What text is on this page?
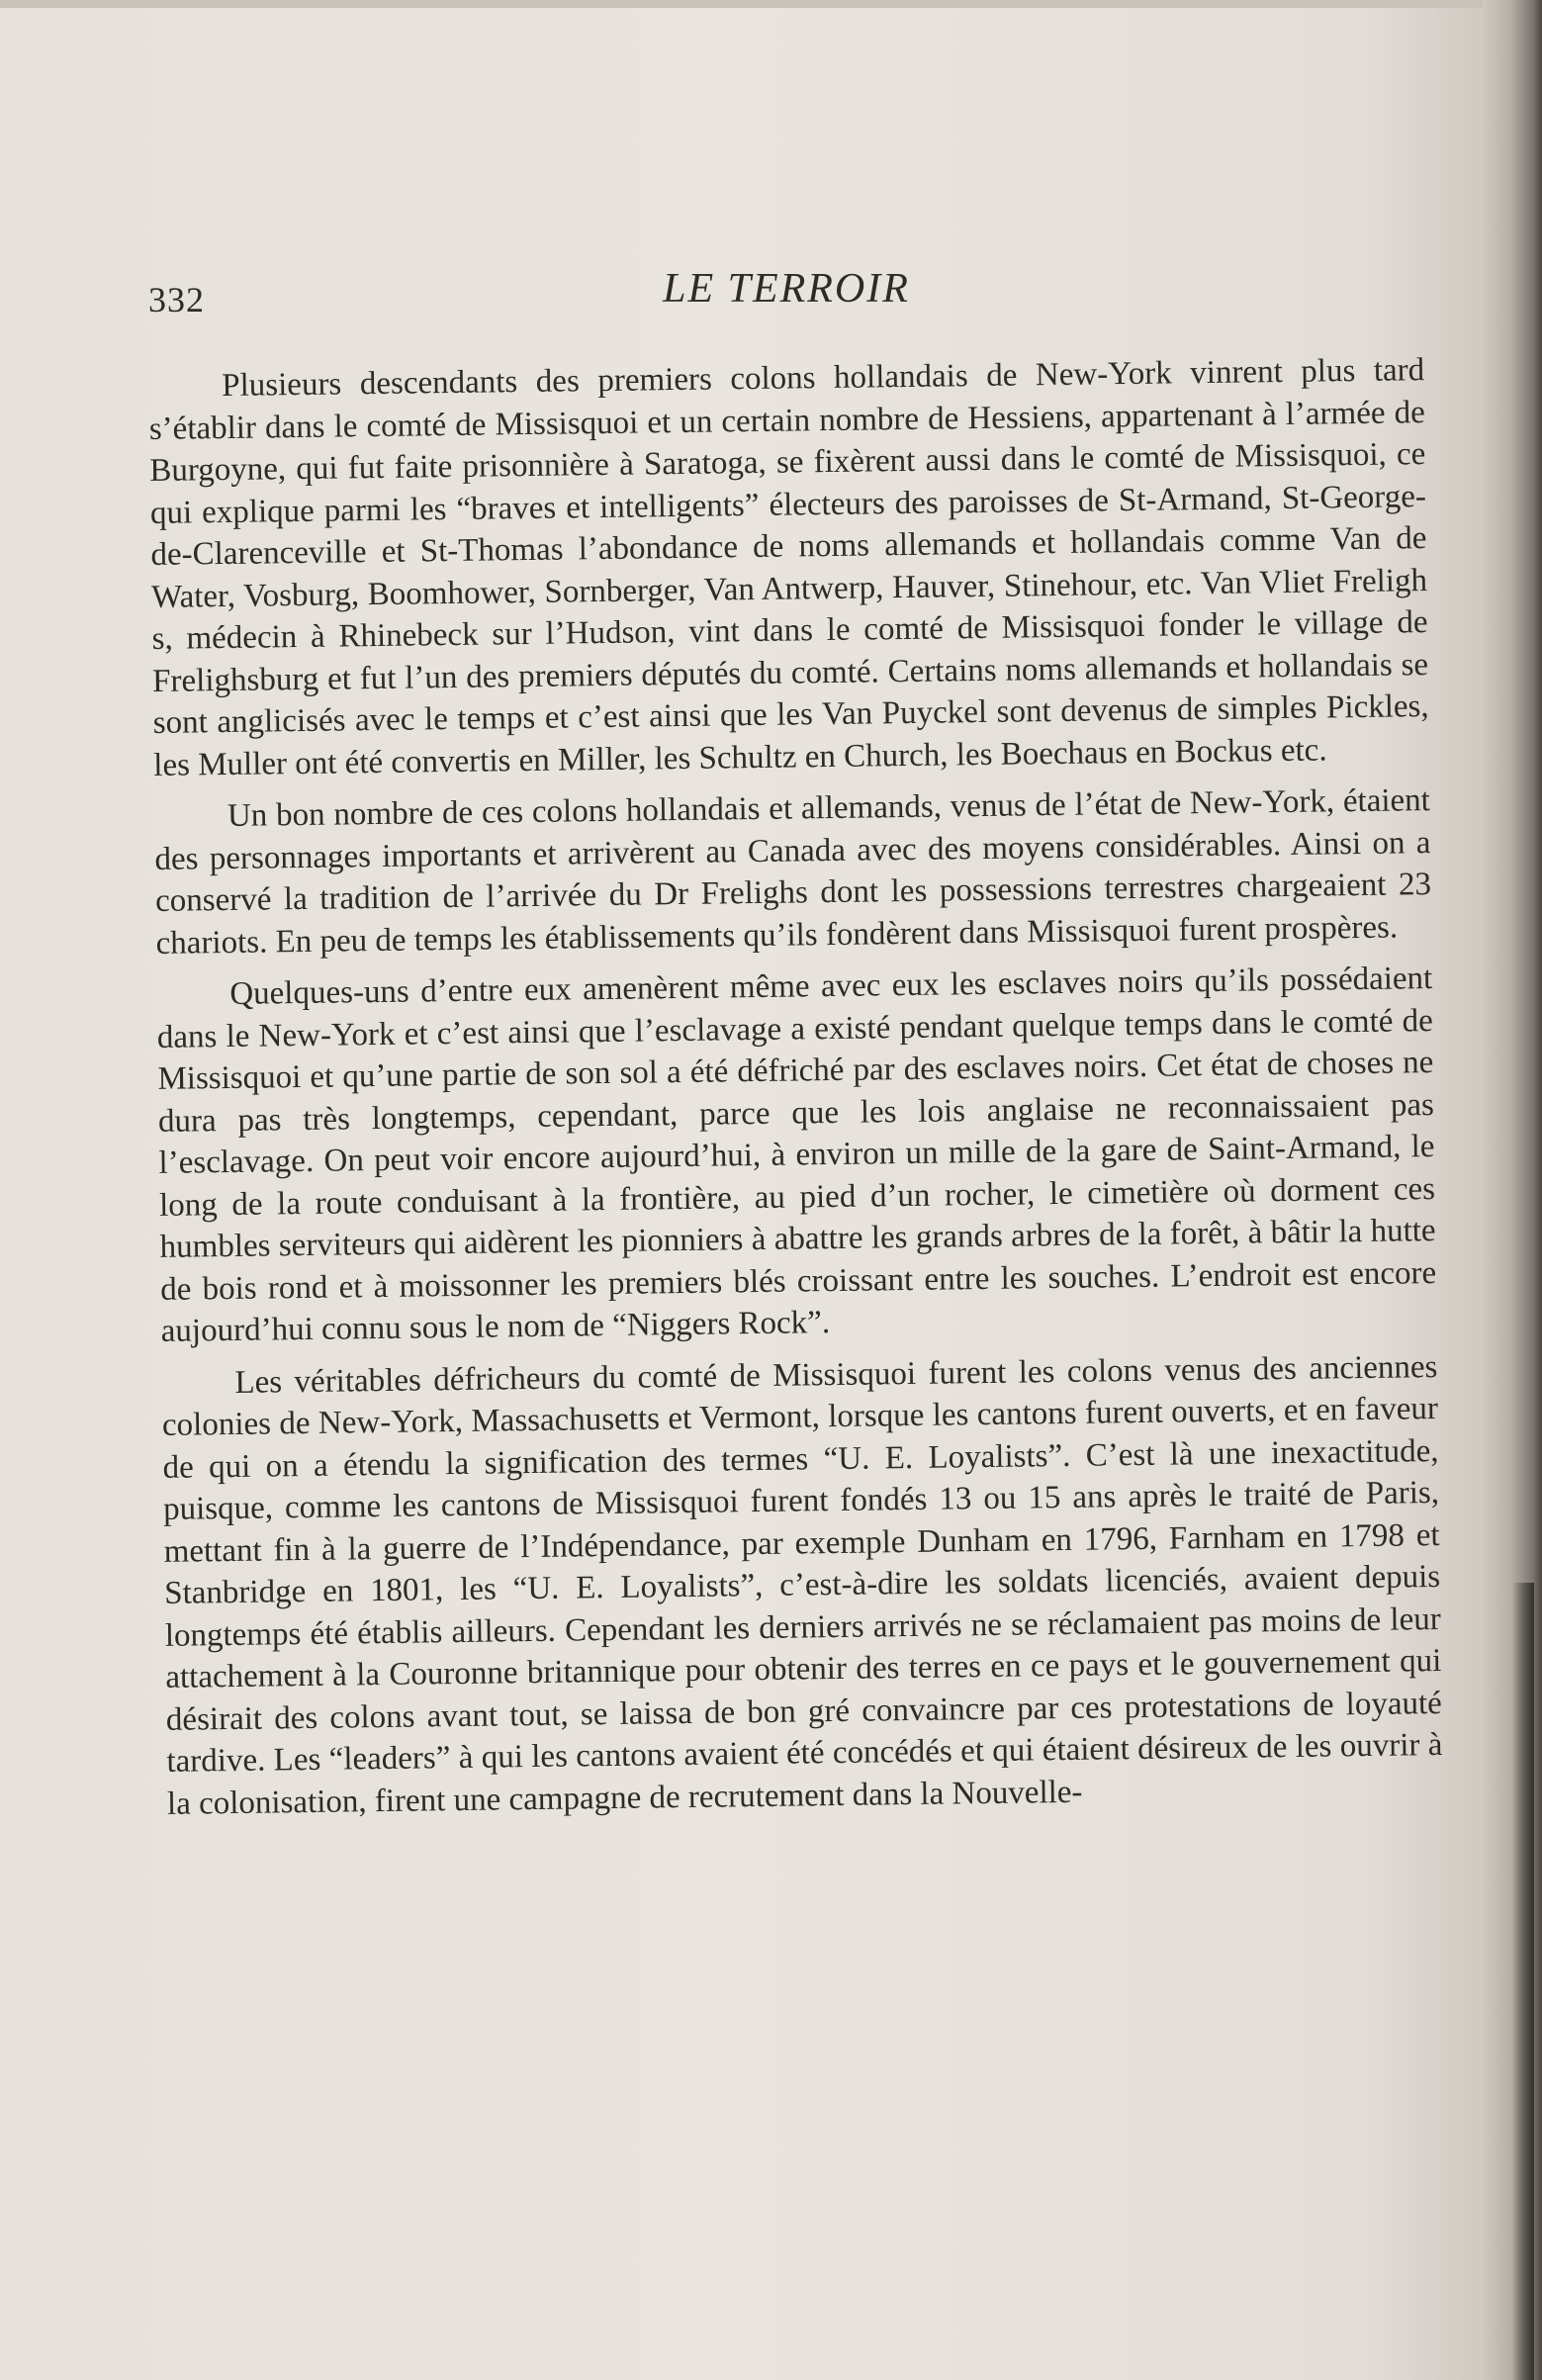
332	LE TERROIR

Plusieurs descendants des premiers colons hollandais de New-York vinrent plus tard s’établir dans le comté de Missisquoi et un certain nombre de Hessiens, appartenant à l’armée de Burgoyne, qui fut faite prisonnière à Saratoga, se fixèrent aussi dans le comté de Missisquoi, ce qui explique parmi les “braves et intelligents” électeurs des paroisses de St-Armand, St-George-de-Clarenceville et St-Thomas l’abondance de noms allemands et hollandais comme Van de Water, Vosburg, Boomhower, Sornberger, Van Antwerp, Hauver, Stinehour, etc. Van Vliet Freligh s, médecin à Rhinebeck sur l’Hudson, vint dans le comté de Missisquoi fonder le village de Frelighsburg et fut l’un des premiers députés du comté. Certains noms allemands et hollandais se sont anglicisés avec le temps et c’est ainsi que les Van Puyckel sont devenus de simples Pickles, les Muller ont été convertis en Miller, les Schultz en Church, les Boechaus en Bockus etc.

Un bon nombre de ces colons hollandais et allemands, venus de l’état de New-York, étaient des personnages importants et arrivèrent au Canada avec des moyens considérables. Ainsi on a conservé la tradition de l’arrivée du Dr Frelighs dont les possessions terrestres chargeaient 23 chariots. En peu de temps les établissements qu’ils fondèrent dans Missisquoi furent prospères.

Quelques-uns d’entre eux amenèrent même avec eux les esclaves noirs qu’ils possédaient dans le New-York et c’est ainsi que l’esclavage a existé pendant quelque temps dans le comté de Missisquoi et qu’une partie de son sol a été défriché par des esclaves noirs. Cet état de choses ne dura pas très longtemps, cependant, parce que les lois anglaise ne reconnaissaient pas l’esclavage. On peut voir encore aujourd’hui, à environ un mille de la gare de Saint-Armand, le long de la route conduisant à la frontière, au pied d’un rocher, le cimetière où dorment ces humbles serviteurs qui aidèrent les pionniers à abattre les grands arbres de la forêt, à bâtir la hutte de bois rond et à moissonner les premiers blés croissant entre les souches. L’endroit est encore aujourd’hui connu sous le nom de “Niggers Rock”.

Les véritables défricheurs du comté de Missisquoi furent les colons venus des anciennes colonies de New-York, Massachusetts et Vermont, lorsque les cantons furent ouverts, et en faveur de qui on a étendu la signification des termes “U. E. Loyalists”. C’est là une inexactitude, puisque, comme les cantons de Missisquoi furent fondés 13 ou 15 ans après le traité de Paris, mettant fin à la guerre de l’Indépendance, par exemple Dunham en 1796, Farnham en 1798 et Stanbridge en 1801, les “U. E. Loyalists”, c’est-à-dire les soldats licenciés, avaient depuis longtemps été établis ailleurs. Cependant les derniers arrivés ne se réclamaient pas moins de leur attachement à la Couronne britannique pour obtenir des terres en ce pays et le gouvernement qui désirait des colons avant tout, se laissa de bon gré convaincre par ces protestations de loyauté tardive. Les “leaders” à qui les cantons avaient été concédés et qui étaient désireux de les ouvrir à la colonisation, firent une campagne de recrutement dans la Nouvelle-
